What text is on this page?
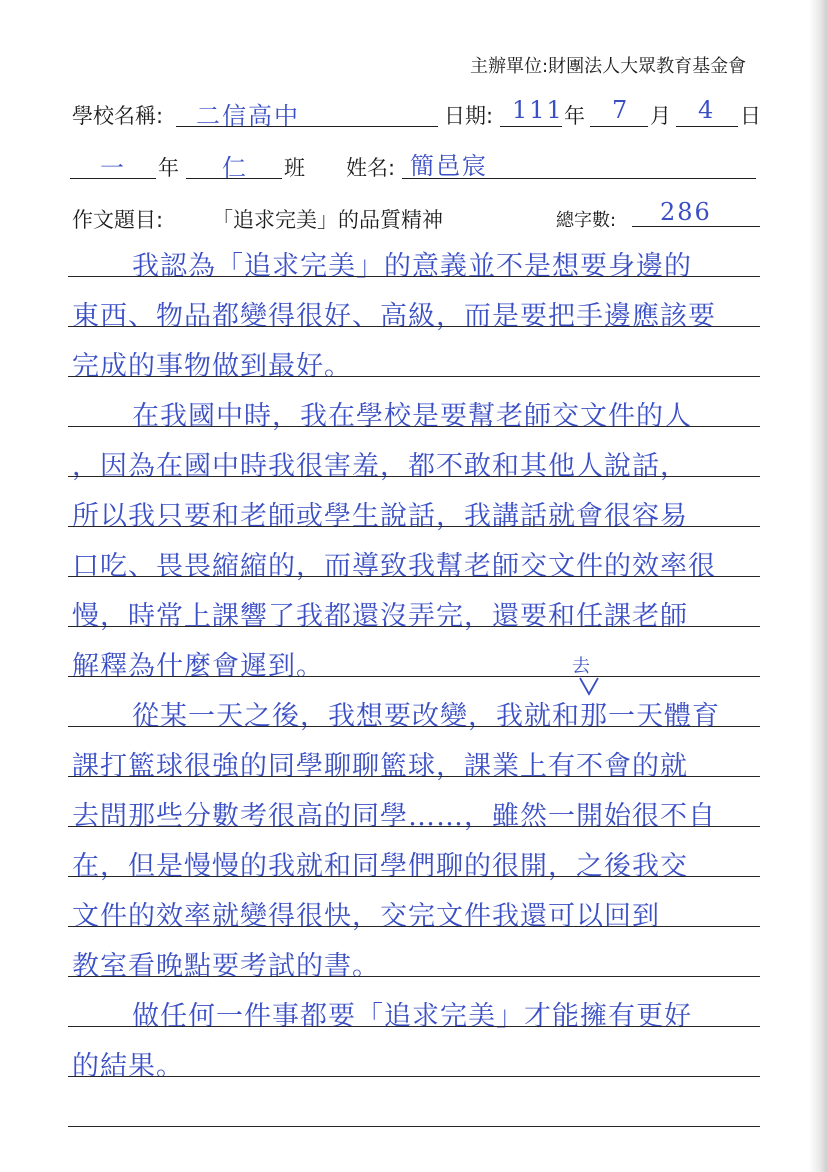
主辦單位:財團法人大眾教育基金會
學校名稱: 二信高中	日期: 111 年 7 月 4 日
一 年 仁 班 姓名: 簡邑宸
作文題目: 「追求完美」的品質精神	總字數: 286
我認為「追求完美」的意義並不是想要身邊的
東西、物品都變得很好、高級，而是要把手邊應該要
完成的事物做到最好。
在我國中時，我在學校是要幫老師交文件的人
，因為在國中時我很害羞，都不敢和其他人說話，
所以我只要和老師或學生說話，我講話就會很容易
口吃、畏畏縮縮的，而導致我幫老師交文件的效率很
慢，時常上課響了我都還沒弄完，還要和任課老師
解釋為什麼會遲到。	去
從某一天之後，我想要改變，我就和那一天體育
課打籃球很強的同學聊聊籃球，課業上有不會的就
去問那些分數考很高的同學……，雖然一開始很不自
在，但是慢慢的我就和同學們聊的很開，之後我交
文件的效率就變得很快，交完文件我還可以回到
教室看晚點要考試的書。
做任何一件事都要「追求完美」才能擁有更好
的結果。
